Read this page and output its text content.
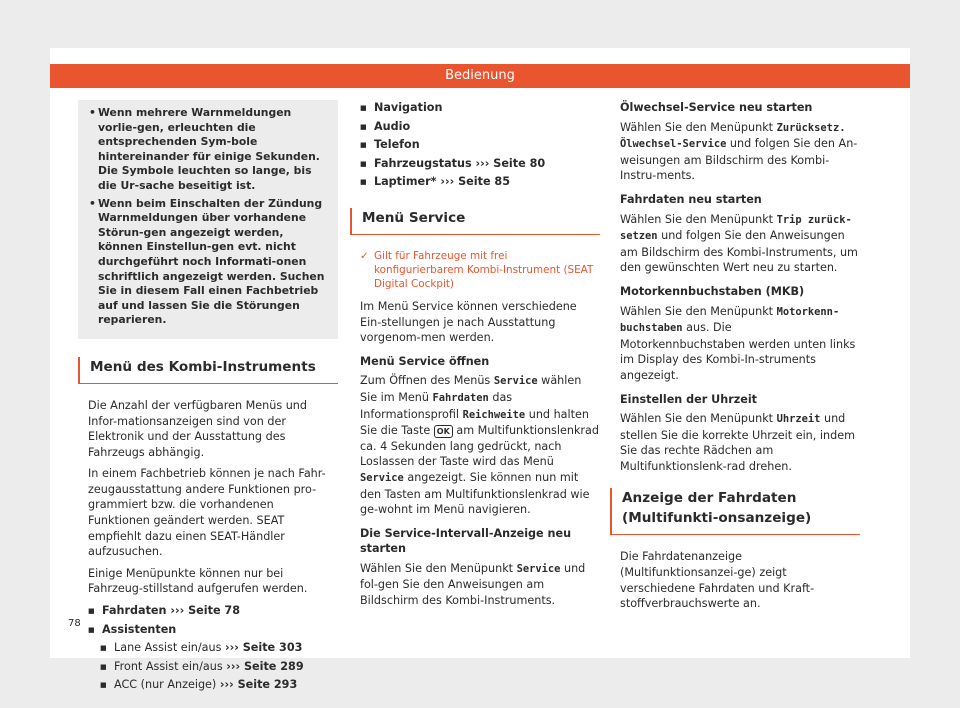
Bedienung

• Wenn mehrere Warnmeldungen vorlie-gen, erleuchten die entsprechenden Sym-bole hintereinander für einige Sekunden. Die Symbole leuchten so lange, bis die Ur-sache beseitigt ist.

• Wenn beim Einschalten der Zündung Warnmeldungen über vorhandene Störun-gen angezeigt werden, können Einstellun-gen evt. nicht durchgeführt noch Informati-onen schriftlich angezeigt werden. Suchen Sie in diesem Fall einen Fachbetrieb auf und lassen Sie die Störungen reparieren.

Menü des Kombi-Instruments

Die Anzahl der verfügbaren Menüs und Infor-mationsanzeigen sind von der Elektronik und der Ausstattung des Fahrzeugs abhängig.

In einem Fachbetrieb können je nach Fahr-zeugausstattung andere Funktionen pro-grammiert bzw. die vorhandenen Funktionen geändert werden. SEAT empfiehlt dazu einen SEAT-Händler aufzusuchen.

Einige Menüpunkte können nur bei Fahrzeug-stillstand aufgerufen werden.

■ Fahrdaten ››› Seite 78
■ Assistenten
■ Lane Assist ein/aus ››› Seite 303
■ Front Assist ein/aus ››› Seite 289
■ ACC (nur Anzeige) ››› Seite 293
■ Navigation
■ Audio
■ Telefon
■ Fahrzeugstatus ››› Seite 80
■ Laptimer* ››› Seite 85
Menü Service

✓ Gilt für Fahrzeuge mit frei konfigurierbarem Kombi-Instrument (SEAT Digital Cockpit)

Im Menü Service können verschiedene Ein-stellungen je nach Ausstattung vorgenom-men werden.

Menü Service öffnen

Zum Öffnen des Menüs Service wählen Sie im Menü Fahrdaten das Informationsprofil Reichweite und halten Sie die Taste OK am Multifunktionslenkrad ca. 4 Sekunden lang gedrückt, nach Loslassen der Taste wird das Menü Service angezeigt. Sie können nun mit den Tasten am Multifunktionslenkrad wie ge-wohnt im Menü navigieren.

Die Service-Intervall-Anzeige neu starten

Wählen Sie den Menüpunkt Service und fol-gen Sie den Anweisungen am Bildschirm des Kombi-Instruments.

Ölwechsel-Service neu starten

Wählen Sie den Menüpunkt Zurücksetz. Ölwechsel-Service und folgen Sie den An-weisungen am Bildschirm des Kombi-Instru-ments.

Fahrdaten neu starten

Wählen Sie den Menüpunkt Trip zurück-setzen und folgen Sie den Anweisungen am Bildschirm des Kombi-Instruments, um den gewünschten Wert neu zu starten.

Motorkennbuchstaben (MKB)

Wählen Sie den Menüpunkt Motorkenn-buchstaben aus. Die Motorkennbuchstaben werden unten links im Display des Kombi-In-struments angezeigt.

Einstellen der Uhrzeit

Wählen Sie den Menüpunkt Uhrzeit und stellen Sie die korrekte Uhrzeit ein, indem Sie das rechte Rädchen am Multifunktionslenk-rad drehen.

Anzeige der Fahrdaten (Multifunkti-onsanzeige)

Die Fahrdatenanzeige (Multifunktionsanzei-ge) zeigt verschiedene Fahrdaten und Kraft-stoffverbrauchswerte an.

78
